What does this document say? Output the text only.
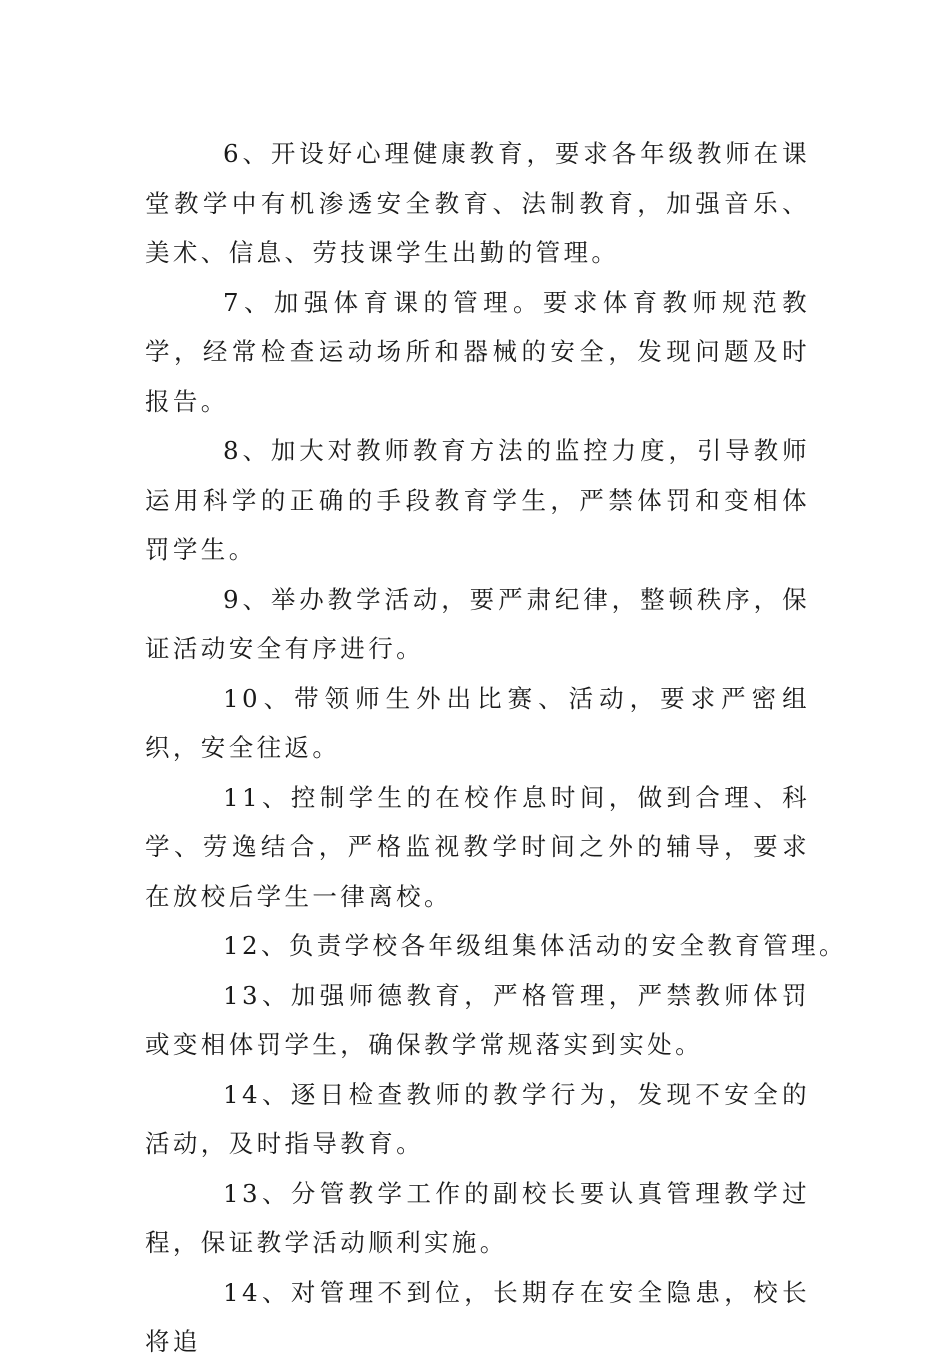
6、开设好心理健康教育，要求各年级教师在课堂教学中有机渗透安全教育、法制教育，加强音乐、美术、信息、劳技课学生出勤的管理。

7、加强体育课的管理。要求体育教师规范教学，经常检查运动场所和器械的安全，发现问题及时报告。

8、加大对教师教育方法的监控力度，引导教师运用科学的正确的手段教育学生，严禁体罚和变相体罚学生。

9、举办教学活动，要严肃纪律，整顿秩序，保证活动安全有序进行。

10、带领师生外出比赛、活动，要求严密组织，安全往返。

11、控制学生的在校作息时间，做到合理、科学、劳逸结合，严格监视教学时间之外的辅导，要求在放校后学生一律离校。

12、负责学校各年级组集体活动的安全教育管理。

13、加强师德教育，严格管理，严禁教师体罚或变相体罚学生，确保教学常规落实到实处。

14、逐日检查教师的教学行为，发现不安全的活动，及时指导教育。

13、分管教学工作的副校长要认真管理教学过程，保证教学活动顺利实施。

14、对管理不到位，长期存在安全隐患，校长将追
